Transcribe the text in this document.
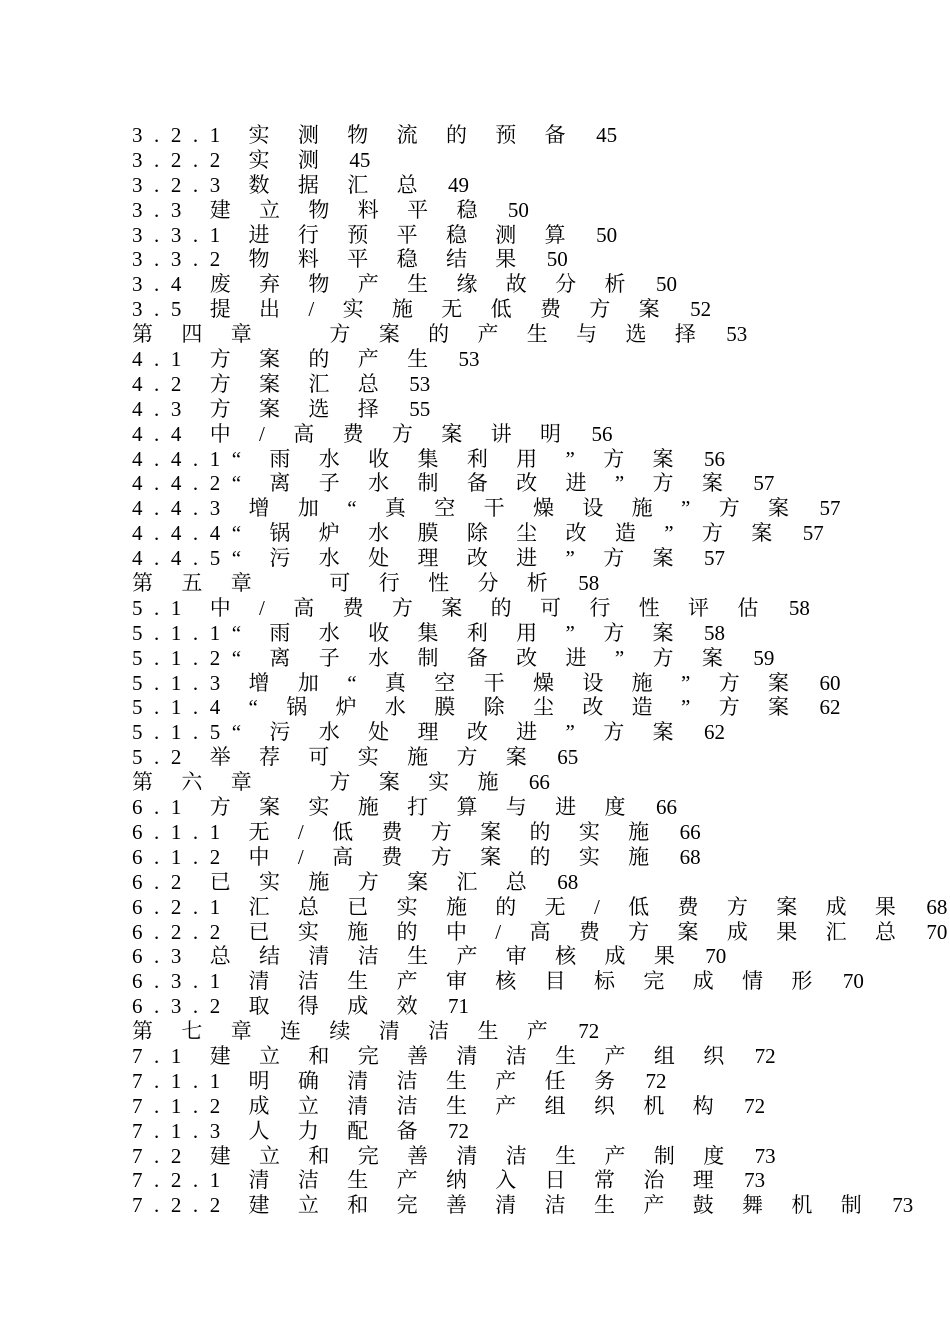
3.2.1 实 测 物 流 的 预 备 45
3.2.2 实 测 45
3.2.3 数 据 汇 总 49
3.3 建 立 物 料 平 稳 50
3.3.1 进 行 预 平 稳 测 算 50
3.3.2 物 料 平 稳 结 果 50
3.4 废 弃 物 产 生 缘 故 分 析 50
3.5 提 出 / 实 施 无 低 费 方 案 52
第 四 章 　 方 案 的 产 生 与 选 择 53
4.1 方 案 的 产 生 53
4.2 方 案 汇 总 53
4.3 方 案 选 择 55
4.4 中 / 高 费 方 案 讲 明 56
4.4.1“ 雨 水 收 集 利 用 ” 方 案 56
4.4.2“ 离 子 水 制 备 改 进 ” 方 案 57
4.4.3 增 加 “ 真 空 干 燥 设 施 ” 方 案 57
4.4.4“ 锅 炉 水 膜 除 尘 改 造 ” 方 案 57
4.4.5“ 污 水 处 理 改 进 ” 方 案 57
第 五 章 　 可 行 性 分 析 58
5.1 中 / 高 费 方 案 的 可 行 性 评 估 58
5.1.1“ 雨 水 收 集 利 用 ” 方 案 58
5.1.2“ 离 子 水 制 备 改 进 ” 方 案 59
5.1.3 增 加 “ 真 空 干 燥 设 施 ” 方 案 60
5.1.4 “ 锅 炉 水 膜 除 尘 改 造 ” 方 案 62
5.1.5“ 污 水 处 理 改 进 ” 方 案 62
5.2 举 荐 可 实 施 方 案 65
第 六 章 　 方 案 实 施 66
6.1 方 案 实 施 打 算 与 进 度 66
6.1.1 无 / 低 费 方 案 的 实 施 66
6.1.2 中 / 高 费 方 案 的 实 施 68
6.2 已 实 施 方 案 汇 总 68
6.2.1 汇 总 已 实 施 的 无 / 低 费 方 案 成 果 68
6.2.2 已 实 施 的 中 / 高 费 方 案 成 果 汇 总 70
6.3 总 结 清 洁 生 产 审 核 成 果 70
6.3.1 清 洁 生 产 审 核 目 标 完 成 情 形 70
6.3.2 取 得 成 效 71
第 七 章 连 续 清 洁 生 产 72
7.1 建 立 和 完 善 清 洁 生 产 组 织 72
7.1.1 明 确 清 洁 生 产 任 务 72
7.1.2 成 立 清 洁 生 产 组 织 机 构 72
7.1.3 人 力 配 备 72
7.2 建 立 和 完 善 清 洁 生 产 制 度 73
7.2.1 清 洁 生 产 纳 入 日 常 治 理 73
7.2.2 建 立 和 完 善 清 洁 生 产 鼓 舞 机 制 73
